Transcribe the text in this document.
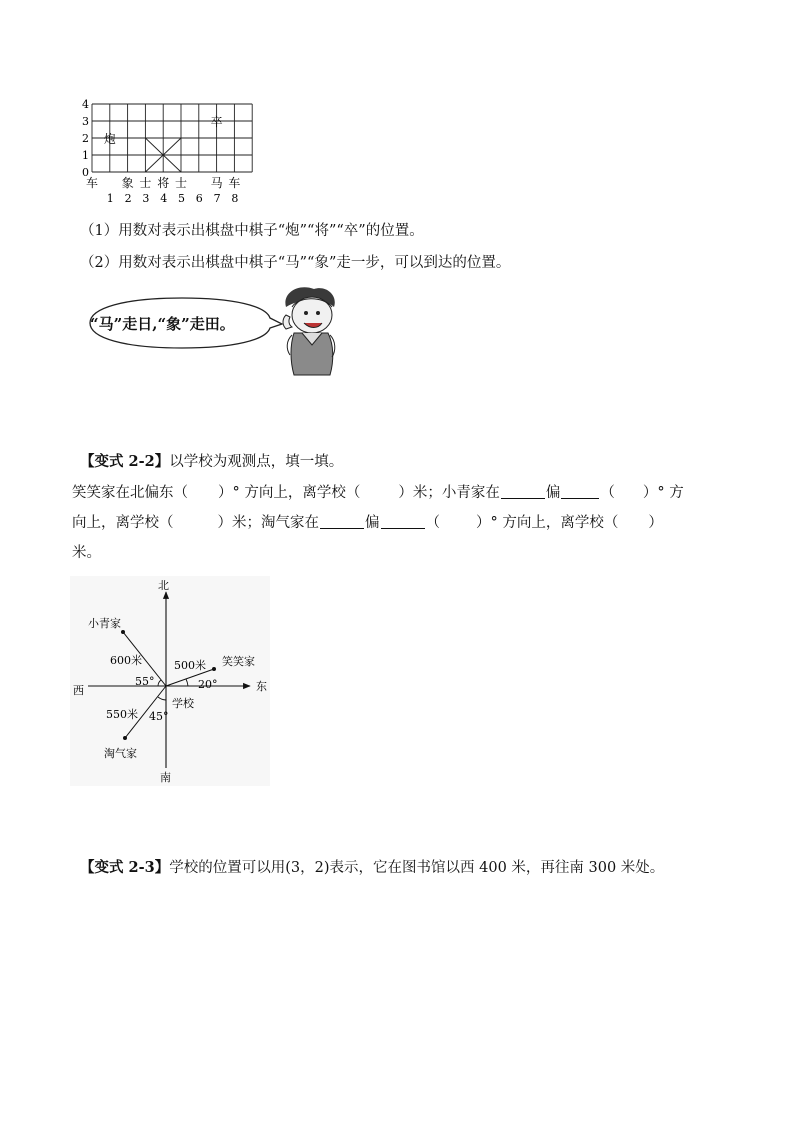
0
1
2
3
4
1 2 3 4 5 6 7 8
车 象 士 将 士 马 车
炮
卒
（1）用数对表示出棋盘中棋子“炮”“将”“卒”的位置。
（2）用数对表示出棋盘中棋子“马”“象”走一步，可以到达的位置。
“马”走日,“象”走田。
【变式 2-2】以学校为观测点，填一填。
笑笑家在北偏东（ ）° 方向上，离学校（	）米；小青家在	偏	（ ）° 方
向上，离学校（	）米；淘气家在	偏	（ ）° 方向上，离学校（ ）
米。
北
南
东
西
学校
小青家
笑笑家
淘气家
600米	500米
550米
55°	20°
45°
【变式 2-3】学校的位置可以用(3，2)表示，它在图书馆以西 400 米，再往南 300 米处。
